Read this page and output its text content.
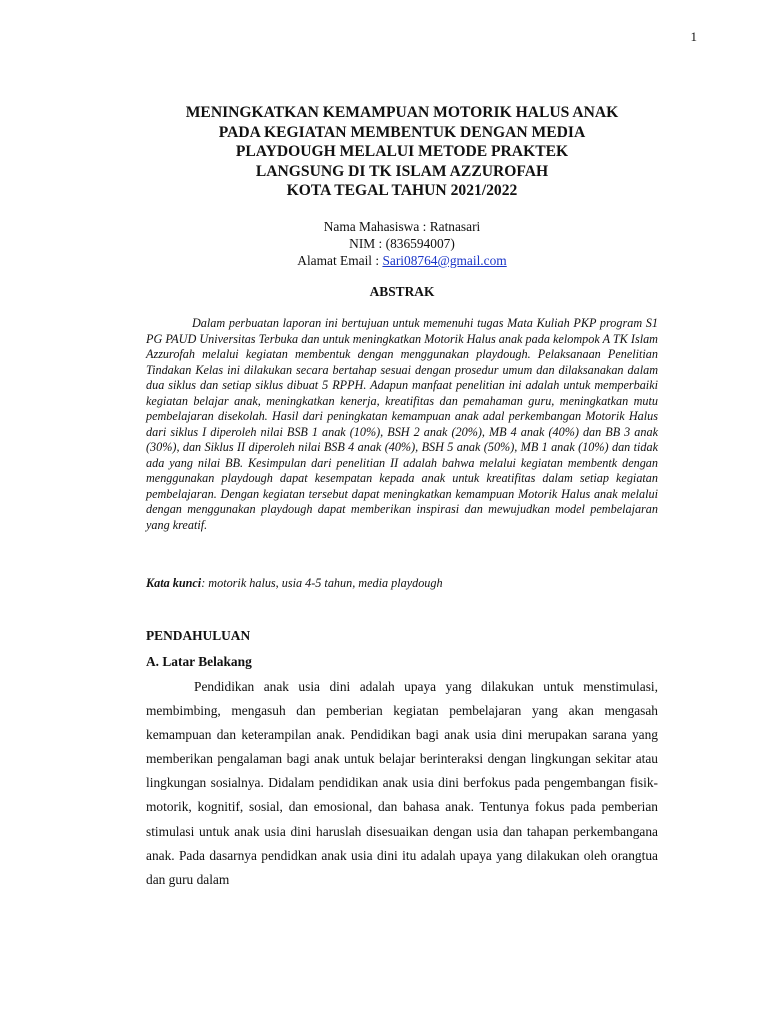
1
MENINGKATKAN KEMAMPUAN MOTORIK HALUS ANAK
PADA KEGIATAN MEMBENTUK DENGAN MEDIA
PLAYDOUGH MELALUI METODE PRAKTEK
LANGSUNG DI TK ISLAM AZZUROFAH
KOTA TEGAL TAHUN 2021/2022
Nama Mahasiswa : Ratnasari
NIM : (836594007)
Alamat Email : Sari08764@gmail.com
ABSTRAK
Dalam perbuatan laporan ini bertujuan untuk memenuhi tugas Mata Kuliah PKP program S1 PG PAUD Universitas Terbuka dan untuk meningkatkan Motorik Halus anak pada kelompok A TK Islam Azzurofah melalui kegiatan membentuk dengan menggunakan playdough. Pelaksanaan Penelitian Tindakan Kelas ini dilakukan secara bertahap sesuai dengan prosedur umum dan dilaksanakan dalam dua siklus dan setiap siklus dibuat 5 RPPH. Adapun manfaat penelitian ini adalah untuk memperbaiki kegiatan belajar anak, meningkatkan kenerja, kreatifitas dan pemahaman guru, meningkatkan mutu pembelajaran disekolah. Hasil dari peningkatan kemampuan anak adal perkembangan Motorik Halus dari siklus I diperoleh nilai BSB 1 anak (10%), BSH 2 anak (20%), MB 4 anak (40%) dan BB 3 anak (30%), dan Siklus II diperoleh nilai BSB 4 anak (40%), BSH 5 anak (50%), MB 1 anak (10%) dan tidak ada yang nilai BB. Kesimpulan dari penelitian II adalah bahwa melalui kegiatan membentk dengan menggunakan playdough dapat kesempatan kepada anak untuk kreatifitas dalam setiap kegiatan pembelajaran. Dengan kegiatan tersebut dapat meningkatkan kemampuan Motorik Halus anak melalui dengan menggunakan playdough dapat memberikan inspirasi dan mewujudkan model pembelajaran yang kreatif.
Kata kunci: motorik halus, usia 4-5 tahun, media playdough
PENDAHULUAN
A. Latar Belakang
Pendidikan anak usia dini adalah upaya yang dilakukan untuk menstimulasi, membimbing, mengasuh dan pemberian kegiatan pembelajaran yang akan mengasah kemampuan dan keterampilan anak. Pendidikan bagi anak usia dini merupakan sarana yang memberikan pengalaman bagi anak untuk belajar berinteraksi dengan lingkungan sekitar atau lingkungan sosialnya. Didalam pendidikan anak usia dini berfokus pada pengembangan fisik-motorik, kognitif, sosial, dan emosional, dan bahasa anak. Tentunya fokus pada pemberian stimulasi untuk anak usia dini haruslah disesuaikan dengan usia dan tahapan perkembangana anak. Pada dasarnya pendidkan anak usia dini itu adalah upaya yang dilakukan oleh orangtua dan guru dalam
